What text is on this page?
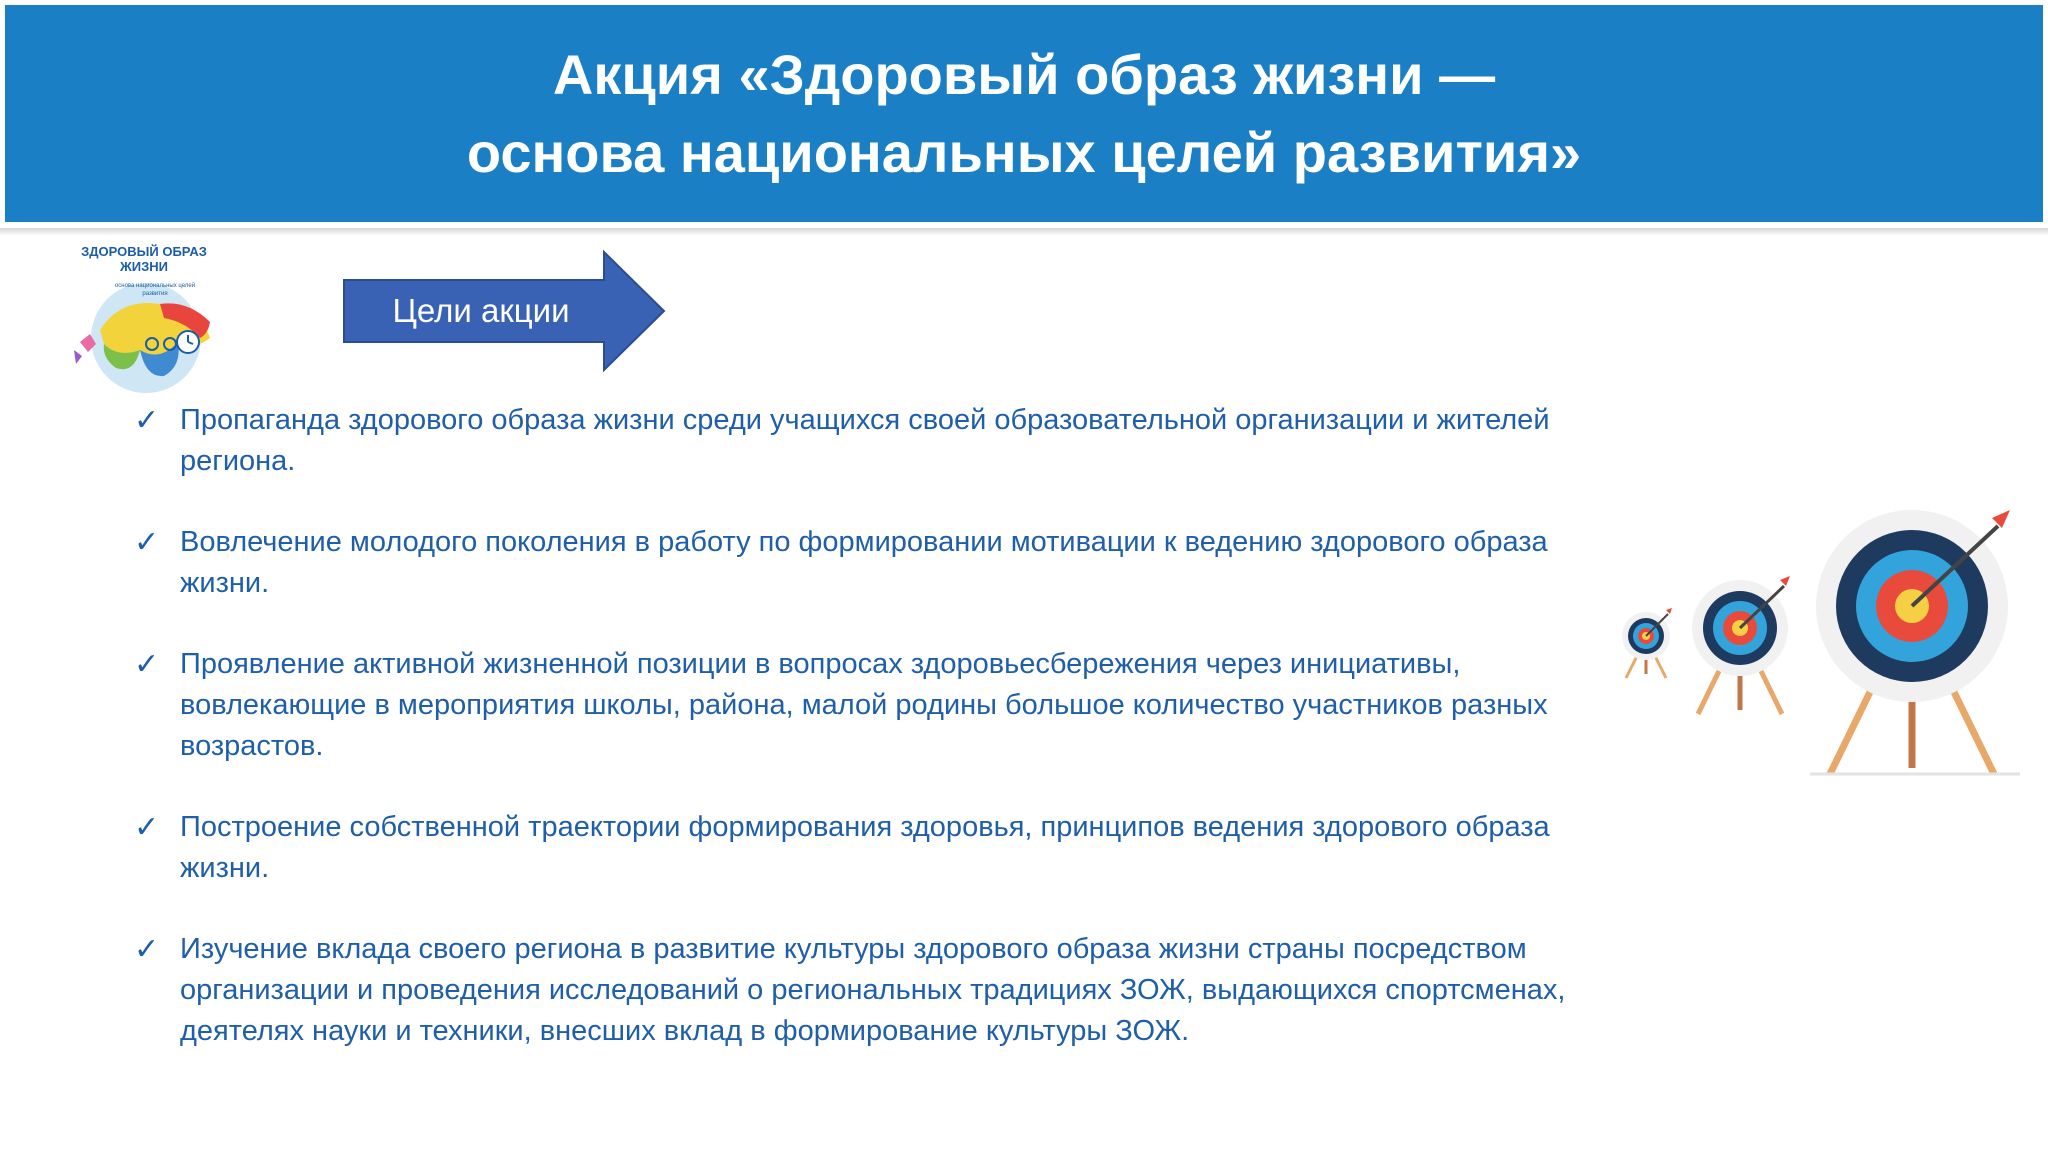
Акция «Здоровый образ жизни —
основа национальных целей развития»
ЗДОРОВЫЙ ОБРАЗ ЖИЗНИ
основа национальных целей развития	Цели акции
✓ Пропаганда здорового образа жизни среди учащихся своей образовательной организации и жителей региона.
✓ Вовлечение молодого поколения в работу по формировании мотивации к ведению здорового образа жизни.
✓ Проявление активной жизненной позиции в вопросах здоровьесбережения через инициативы, вовлекающие в мероприятия школы, района, малой родины большое количество участников разных возрастов.
✓ Построение собственной траектории формирования здоровья, принципов ведения здорового образа жизни.
✓ Изучение вклада своего региона в развитие культуры здорового образа жизни страны посредством организации и проведения исследований о региональных традициях ЗОЖ, выдающихся спортсменах, деятелях науки и техники, внесших вклад в формирование культуры ЗОЖ.
